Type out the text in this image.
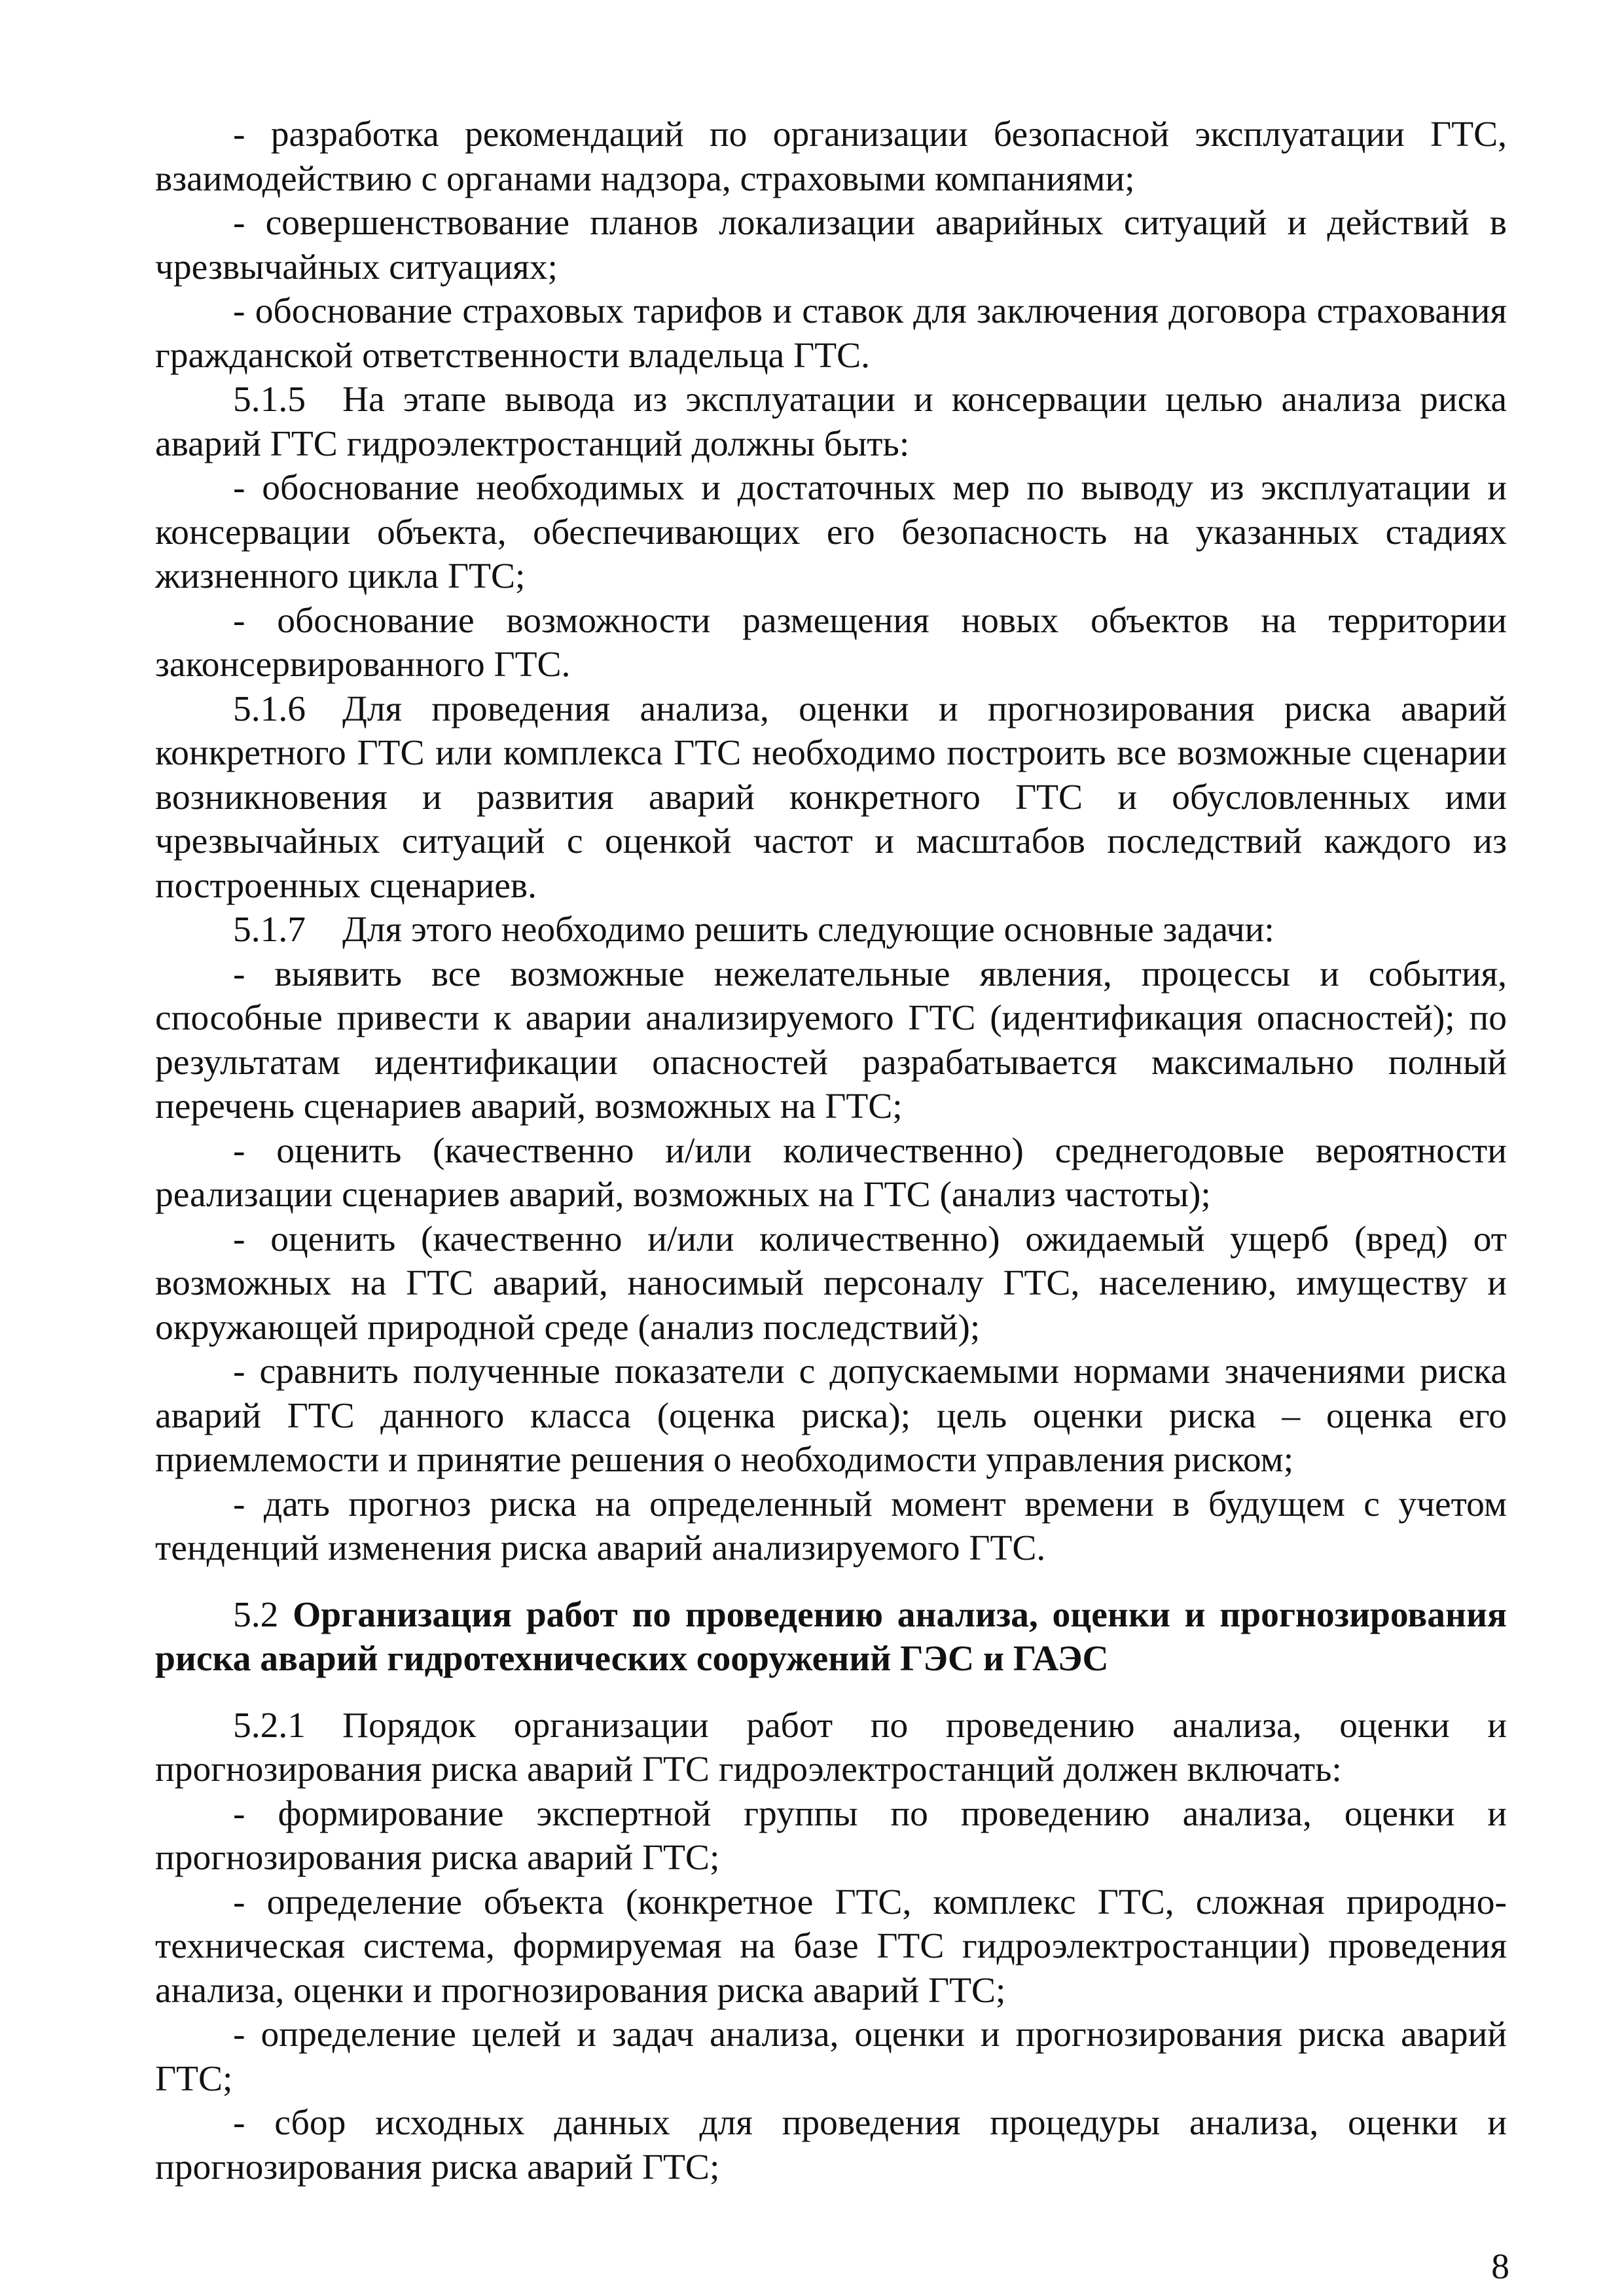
- разработка рекомендаций по организации безопасной эксплуатации ГТС, взаимодействию с органами надзора, страховыми компаниями;

- совершенствование планов локализации аварийных ситуаций и действий в чрезвычайных ситуациях;

- обоснование страховых тарифов и ставок для заключения договора страхования гражданской ответственности владельца ГТС.

5.1.5 На этапе вывода из эксплуатации и консервации целью анализа риска аварий ГТС гидроэлектростанций должны быть:

- обоснование необходимых и достаточных мер по выводу из эксплуатации и консервации объекта, обеспечивающих его безопасность на указанных стадиях жизненного цикла ГТС;

- обоснование возможности размещения новых объектов на территории законсервированного ГТС.

5.1.6 Для проведения анализа, оценки и прогнозирования риска аварий конкретного ГТС или комплекса ГТС необходимо построить все возможные сценарии возникновения и развития аварий конкретного ГТС и обусловленных ими чрезвычайных ситуаций с оценкой частот и масштабов последствий каждого из построенных сценариев.

5.1.7 Для этого необходимо решить следующие основные задачи:

- выявить все возможные нежелательные явления, процессы и события, способные привести к аварии анализируемого ГТС (идентификация опасностей); по результатам идентификации опасностей разрабатывается максимально полный перечень сценариев аварий, возможных на ГТС;

- оценить (качественно и/или количественно) среднегодовые вероятности реализации сценариев аварий, возможных на ГТС (анализ частоты);

- оценить (качественно и/или количественно) ожидаемый ущерб (вред) от возможных на ГТС аварий, наносимый персоналу ГТС, населению, имуществу и окружающей природной среде (анализ последствий);

- сравнить полученные показатели с допускаемыми нормами значениями риска аварий ГТС данного класса (оценка риска); цель оценки риска – оценка его приемлемости и принятие решения о необходимости управления риском;

- дать прогноз риска на определенный момент времени в будущем с учетом тенденций изменения риска аварий анализируемого ГТС.

5.2 Организация работ по проведению анализа, оценки и прогнозирования риска аварий гидротехнических сооружений ГЭС и ГАЭС

5.2.1 Порядок организации работ по проведению анализа, оценки и прогнозирования риска аварий ГТС гидроэлектростанций должен включать:

- формирование экспертной группы по проведению анализа, оценки и прогнозирования риска аварий ГТС;

- определение объекта (конкретное ГТС, комплекс ГТС, сложная природно-техническая система, формируемая на базе ГТС гидроэлектростанции) проведения анализа, оценки и прогнозирования риска аварий ГТС;

- определение целей и задач анализа, оценки и прогнозирования риска аварий ГТС;

- сбор исходных данных для проведения процедуры анализа, оценки и прогнозирования риска аварий ГТС;

8
